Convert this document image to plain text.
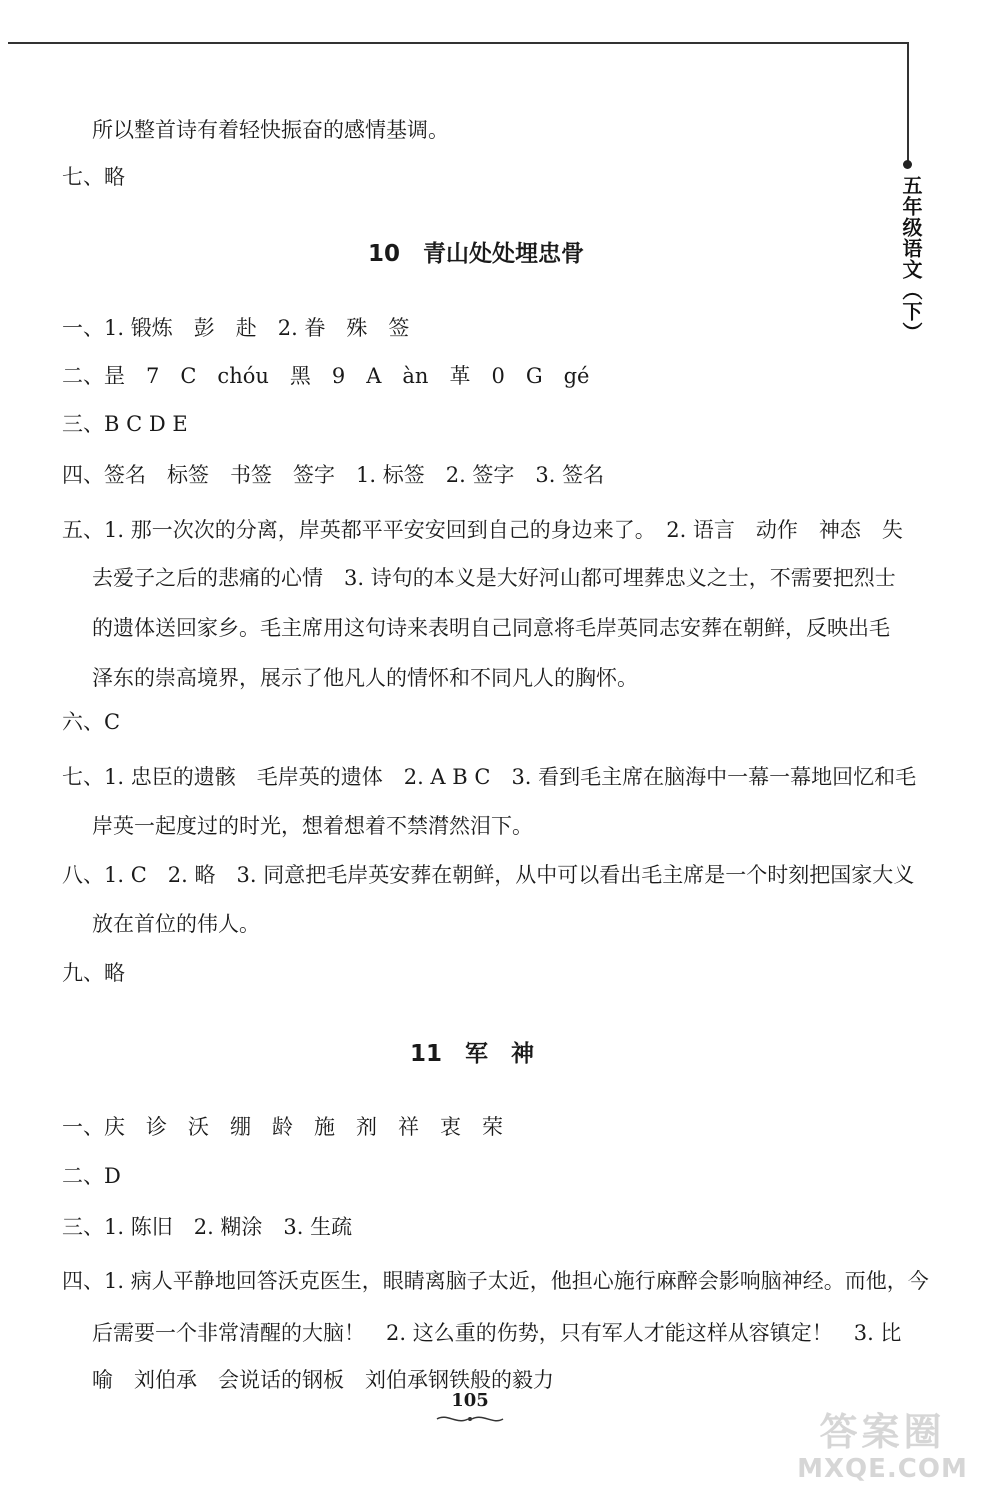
五年级语文（下）
所以整首诗有着轻快振奋的感情基调。
七、略
10　青山处处埋忠骨
一、1. 锻炼　彭　赴　2. 眷　殊　签
二、昰　7　C　chóu　黑　9　A　àn　革　0　G　gé
三、B C D E
四、签名　标签　书签　签字　1. 标签　2. 签字　3. 签名
五、1. 那一次次的分离，岸英都平平安安回到自己的身边来了。　2. 语言　动作　神态　失
去爱子之后的悲痛的心情　3. 诗句的本义是大好河山都可埋葬忠义之士，不需要把烈士
的遗体送回家乡。毛主席用这句诗来表明自己同意将毛岸英同志安葬在朝鲜，反映出毛
泽东的崇高境界，展示了他凡人的情怀和不同凡人的胸怀。
六、C
七、1. 忠臣的遗骸　毛岸英的遗体　2. A B C　3. 看到毛主席在脑海中一幕一幕地回忆和毛
岸英一起度过的时光，想着想着不禁潸然泪下。
八、1. C　2. 略　3. 同意把毛岸英安葬在朝鲜，从中可以看出毛主席是一个时刻把国家大义
放在首位的伟人。
九、略
11　军　神
一、庆　诊　沃　绷　龄　施　剂　祥　衷　荣
二、D
三、1. 陈旧　2. 糊涂　3. 生疏
四、1. 病人平静地回答沃克医生，眼睛离脑子太近，他担心施行麻醉会影响脑神经。而他，今
后需要一个非常清醒的大脑！　2. 这么重的伤势，只有军人才能这样从容镇定！　3. 比
喻　刘伯承　会说话的钢板　刘伯承钢铁般的毅力
105
答案圈
MXQE.COM
